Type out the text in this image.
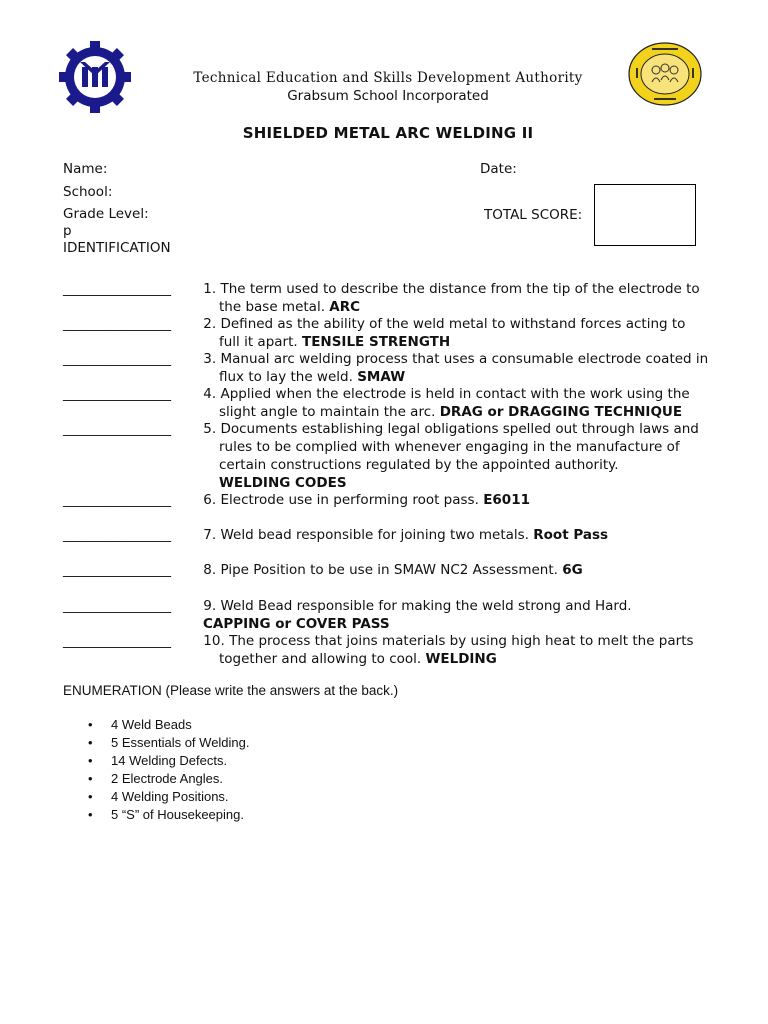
Technical Education and Skills Development Authority
Grabsum School Incorporated
SHIELDED METAL ARC WELDING II
Name:	Date:
School:
Grade Level:	TOTAL SCORE:
p
IDENTIFICATION
________________ 1. The term used to describe the distance from the tip of the electrode to
the base metal. ARC
________________ 2. Defined as the ability of the weld metal to withstand forces acting to
full it apart. TENSILE STRENGTH
________________ 3. Manual arc welding process that uses a consumable electrode coated in
flux to lay the weld. SMAW
________________ 4. Applied when the electrode is held in contact with the work using the
slight angle to maintain the arc. DRAG or DRAGGING TECHNIQUE
________________ 5. Documents establishing legal obligations spelled out through laws and
rules to be complied with whenever engaging in the manufacture of
certain constructions regulated by the appointed authority.
WELDING CODES
________________ 6. Electrode use in performing root pass. E6011
________________ 7. Weld bead responsible for joining two metals. Root Pass
________________ 8. Pipe Position to be use in SMAW NC2 Assessment. 6G
________________ 9. Weld Bead responsible for making the weld strong and Hard.
CAPPING or COVER PASS
________________ 10. The process that joins materials by using high heat to melt the parts
together and allowing to cool. WELDING
ENUMERATION (Please write the answers at the back.)
• 4 Weld Beads
• 5 Essentials of Welding.
• 14 Welding Defects.
• 2 Electrode Angles.
• 4 Welding Positions.
• 5 “S” of Housekeeping.
